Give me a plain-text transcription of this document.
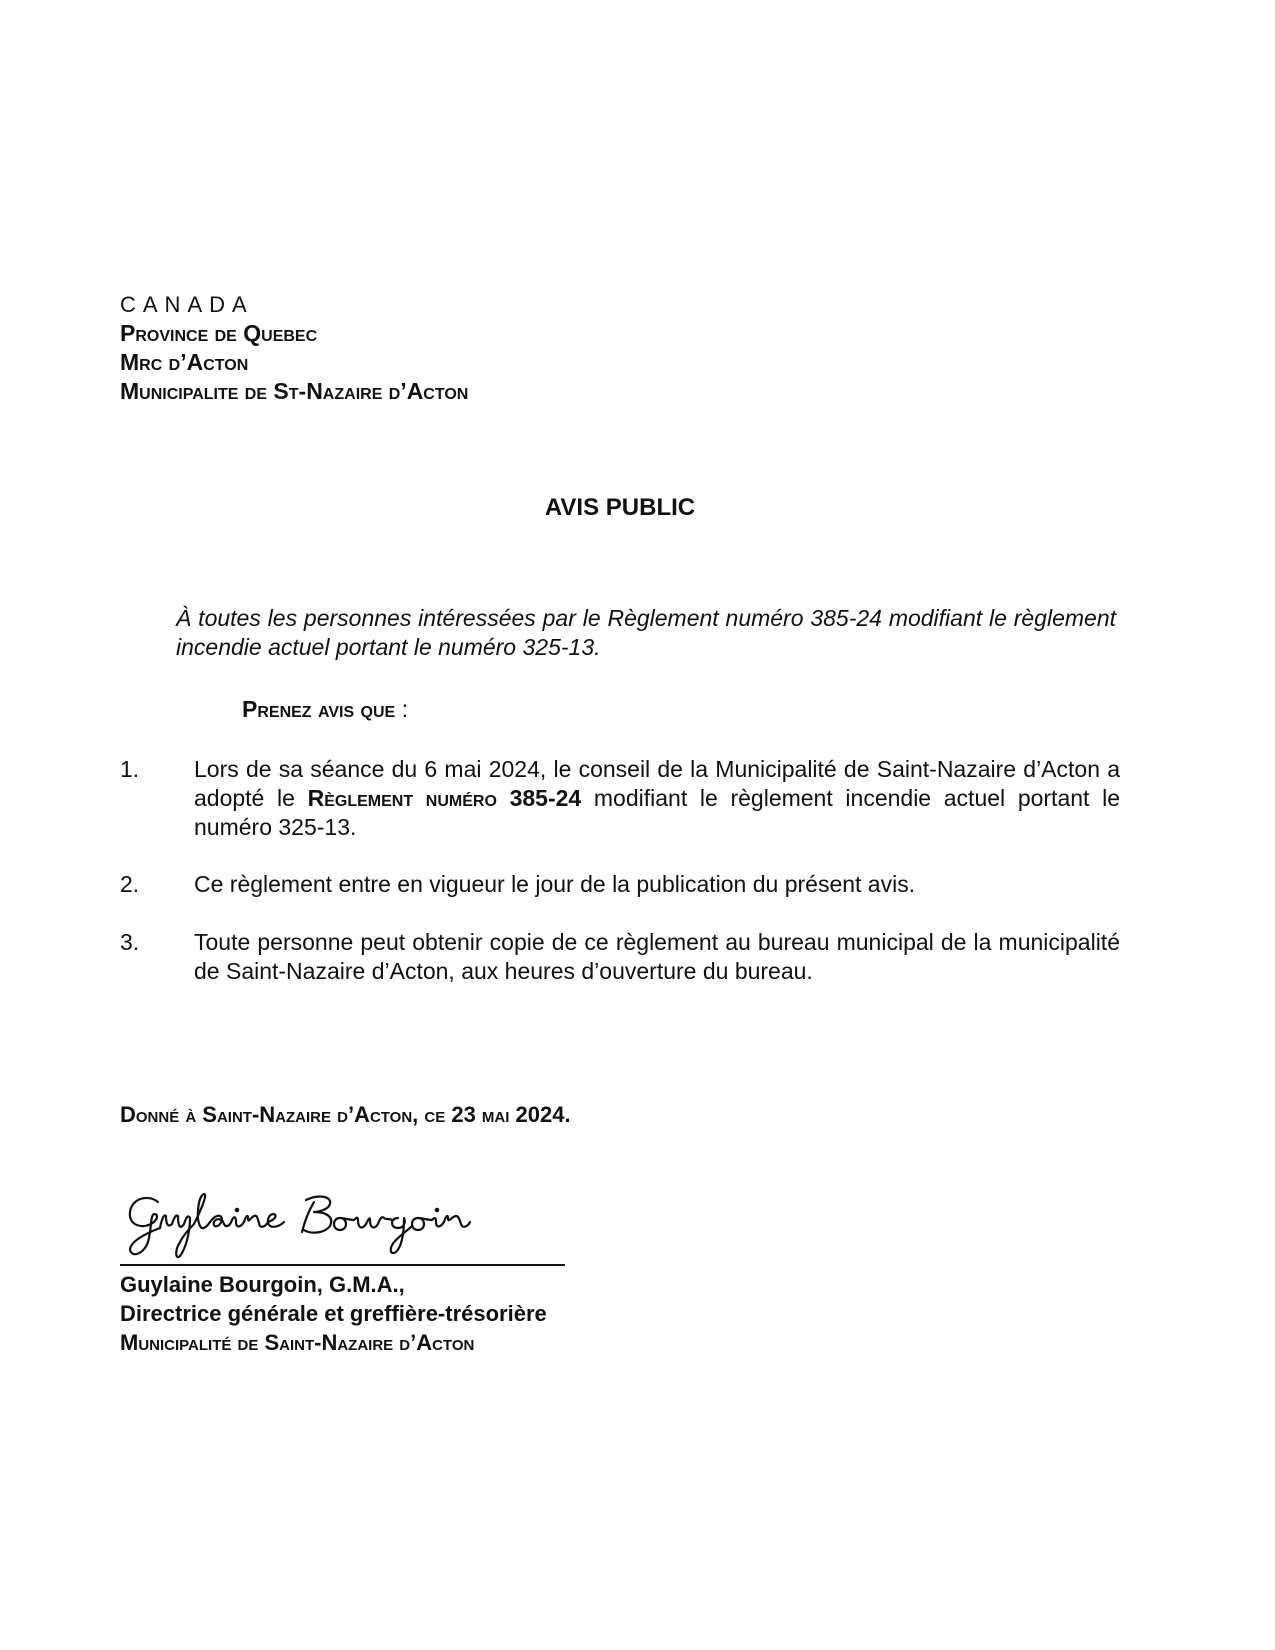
CANADA
Province de Quebec
Mrc d’Acton
Municipalite de St-Nazaire d’Acton
AVIS PUBLIC
À toutes les personnes intéressées par le Règlement numéro 385-24 modifiant le règlement incendie actuel portant le numéro 325-13.
Prenez avis que :
1. Lors de sa séance du 6 mai 2024, le conseil de la Municipalité de Saint-Nazaire d’Acton a adopté le Règlement numéro 385-24 modifiant le règlement incendie actuel portant le numéro 325-13.
2. Ce règlement entre en vigueur le jour de la publication du présent avis.
3. Toute personne peut obtenir copie de ce règlement au bureau municipal de la municipalité de Saint-Nazaire d’Acton, aux heures d’ouverture du bureau.
Donné à Saint-Nazaire d’Acton, ce 23 mai 2024.
Guylaine Bourgoin, G.M.A.,
Directrice générale et greffière-trésorière
Municipalité de Saint-Nazaire d’Acton
